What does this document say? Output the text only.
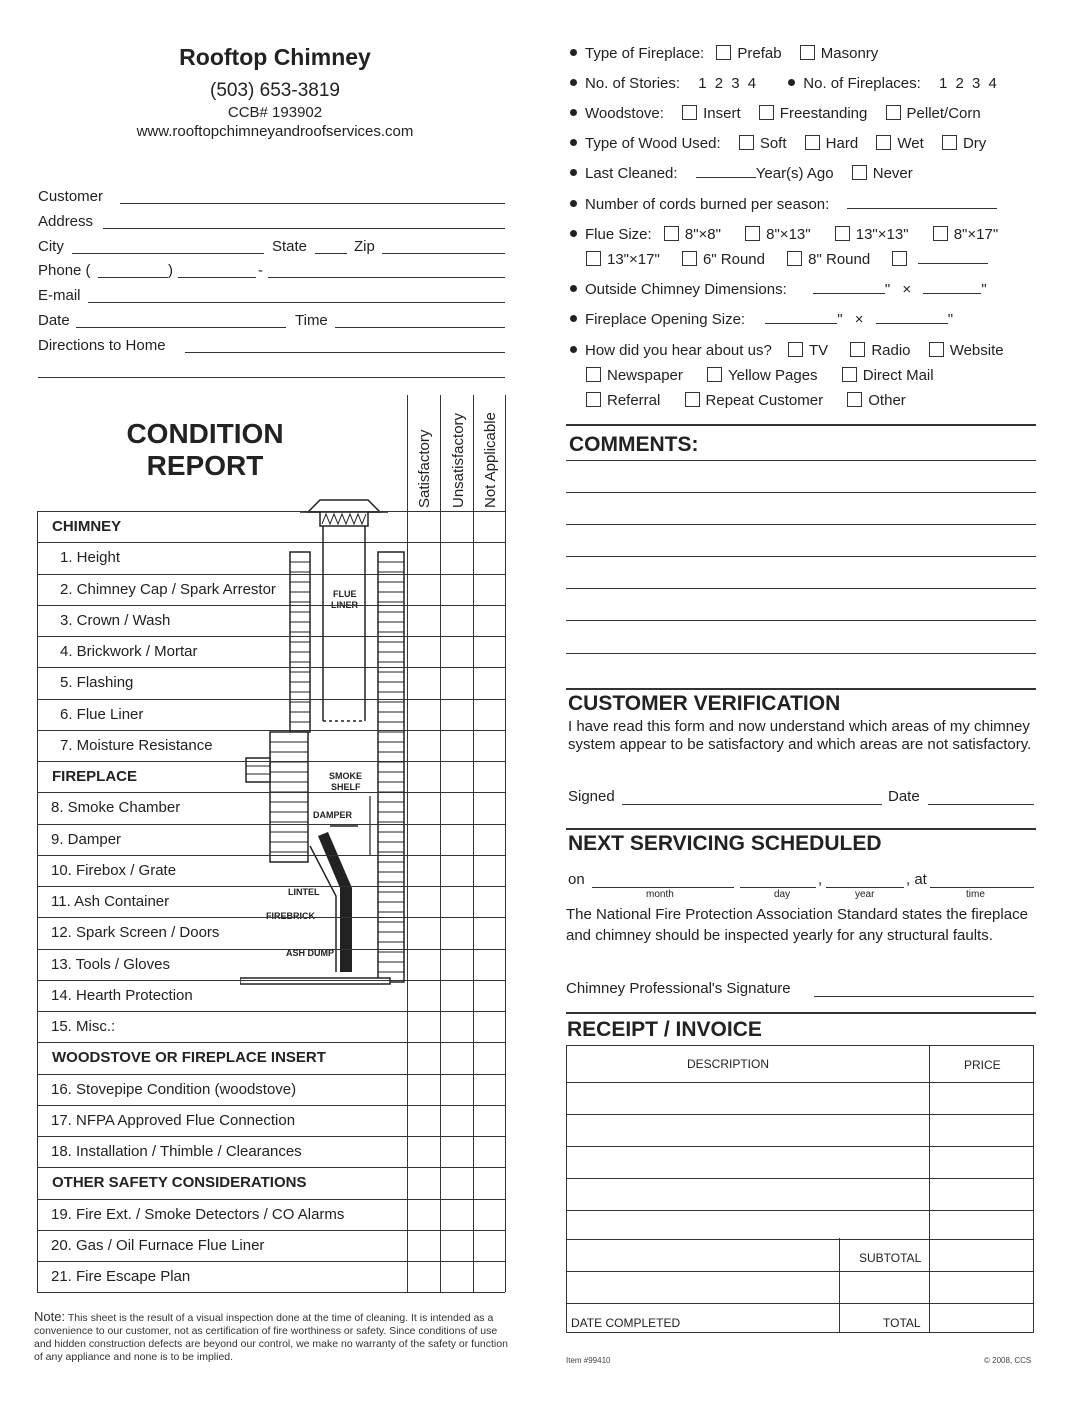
Rooftop Chimney
(503) 653-3819
CCB# 193902
www.rooftopchimneyandroofservices.com
Customer
Address
City	State	Zip
Phone (	)	-
E-mail
Date	Time
Directions to Home
CONDITION
REPORT	Satisfactory Unsatisfactory Not Applicable
FLUE
LINER
SMOKE
SHELF
DAMPER
LINTEL
FIREBRICK
ASH DUMP
CHIMNEY
1. Height
2. Chimney Cap / Spark Arrestor
3. Crown / Wash
4. Brickwork / Mortar
5. Flashing
6. Flue Liner
7. Moisture Resistance
FIREPLACE
8. Smoke Chamber
9. Damper
10. Firebox / Grate
11. Ash Container
12. Spark Screen / Doors
13. Tools / Gloves
14. Hearth Protection
15. Misc.:
WOODSTOVE OR FIREPLACE INSERT
16. Stovepipe Condition (woodstove)
17. NFPA Approved Flue Connection
18. Installation / Thimble / Clearances
OTHER SAFETY CONSIDERATIONS
19. Fire Ext. / Smoke Detectors / CO Alarms
20. Gas / Oil Furnace Flue Liner
21. Fire Escape Plan
Note: This sheet is the result of a visual inspection done at the time of cleaning. It is intended as a convenience to our customer, not as certification of fire worthiness or safety. Since conditions of use and hidden construction defects are beyond our control, we make no warranty of the safety or function of any appliance and none is to be implied.
Type of Fireplace: Prefab	Masonry
No. of Stories: 1 2 3 4	No. of Fireplaces: 1 2 3 4
Woodstove:	Insert	Freestanding	Pellet/Corn
Type of Wood Used:	Soft	Hard	Wet	Dry
Last Cleaned:	Year(s) Ago	Never
Number of cords burned per season:
Flue Size: 8"×8"	8"×13"	13"×13"	8"×17"
13"×17"	6" Round	8" Round
Outside Chimney Dimensions:	" ×	"
Fireplace Opening Size:	" ×	"
How did you hear about us? TV	Radio	Website
Newspaper	Yellow Pages	Direct Mail
Referral	Repeat Customer	Other
COMMENTS:
CUSTOMER VERIFICATION
I have read this form and now understand which areas of my chimney system appear to be satisfactory and which areas are not satisfactory.
Signed	Date
NEXT SERVICING SCHEDULED
on	,	, at
month	day	year	time
The National Fire Protection Association Standard states the fireplace and chimney should be inspected yearly for any structural faults.
Chimney Professional's Signature
RECEIPT / INVOICE
DESCRIPTION	PRICE
SUBTOTAL
DATE COMPLETED	TOTAL
Item #99410	© 2008, CCS
